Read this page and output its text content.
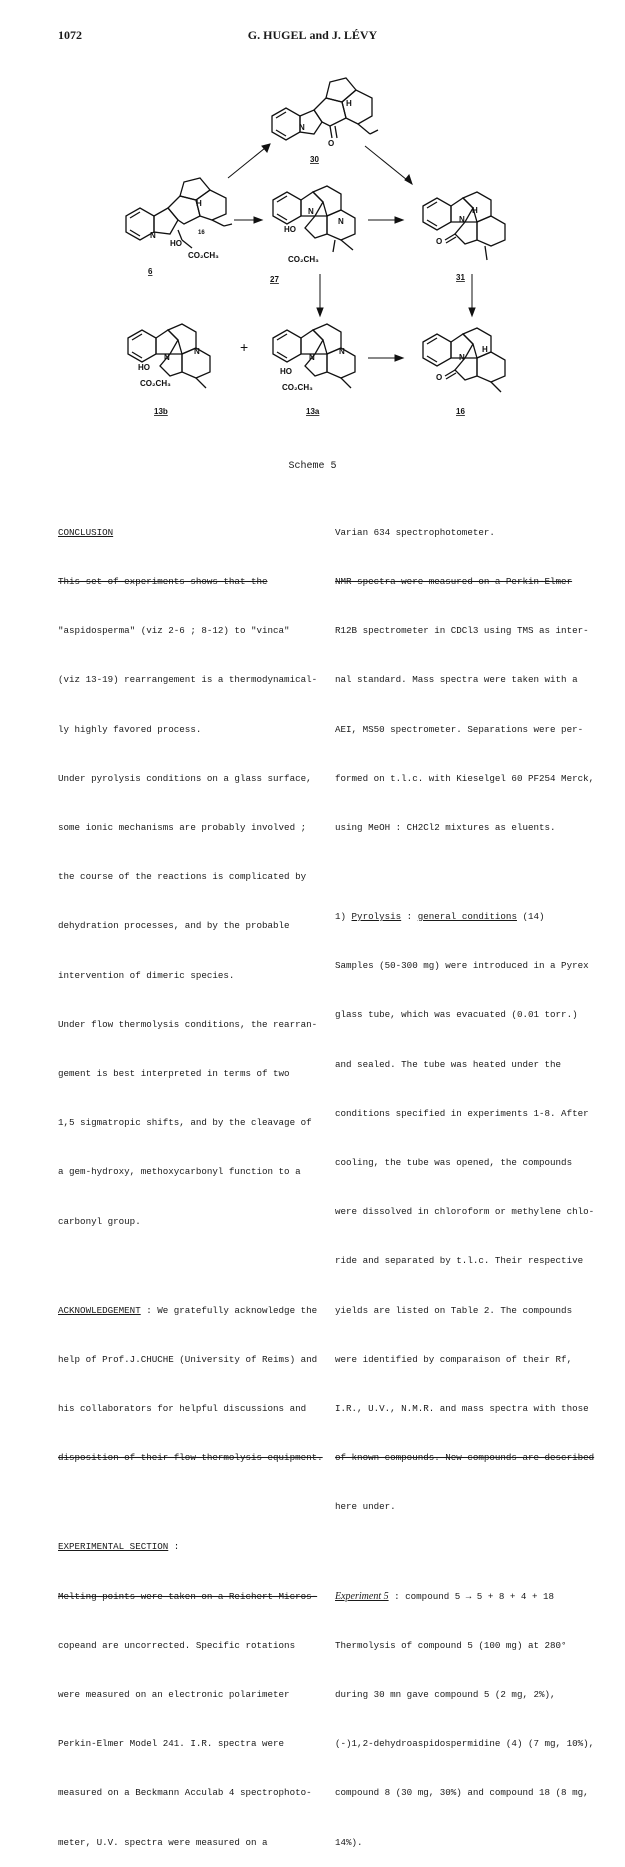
1072	G. HUGEL and J. LÉVY
N
H
O
N
H
HO
CO₂CH₃
16
N
N
HO
CO₂CH₃
N
H
O
N
N
HO
CO₂CH₃
+
N
N
HO
CO₂CH₃
N
H
O
30
6
27	31
13b	13a	16
Scheme 5

CONCLUSION

This set of experiments shows that the

"aspidosperma" (viz 2-6 ; 8-12) to "vinca"

(viz 13-19) rearrangement is a thermodynamical-

ly highly favored process.

Under pyrolysis conditions on a glass surface,

some ionic mechanisms are probably involved ;

the course of the reactions is complicated by

dehydration processes, and by the probable

intervention of dimeric species.

Under flow thermolysis conditions, the rearran-

gement is best interpreted in terms of two

1,5 sigmatropic shifts, and by the cleavage of

a gem-hydroxy, methoxycarbonyl function to a

carbonyl group.

ACKNOWLEDGEMENT : We gratefully acknowledge the

help of Prof.J.CHUCHE (University of Reims) and

his collaborators for helpful discussions and

disposition of their flow thermolysis equipment.

EXPERIMENTAL SECTION :

Melting points were taken on a Reichert Micros-

copeand are uncorrected. Specific rotations

were measured on an electronic polarimeter

Perkin-Elmer Model 241. I.R. spectra were

measured on a Beckmann Acculab 4 spectrophoto-

meter, U.V. spectra were measured on a

Varian 634 spectrophotometer.

NMR spectra were measured on a Perkin-Elmer

R12B spectrometer in CDCl3 using TMS as inter-

nal standard. Mass spectra were taken with a

AEI, MS50 spectrometer. Separations were per-

formed on t.l.c. with Kieselgel 60 PF254 Merck,

using MeOH : CH2Cl2 mixtures as eluents.

1) Pyrolysis : general conditions (14)

Samples (50-300 mg) were introduced in a Pyrex

glass tube, which was evacuated (0.01 torr.)

and sealed. The tube was heated under the

conditions specified in experiments 1-8. After

cooling, the tube was opened, the compounds

were dissolved in chloroform or methylene chlo-

ride and separated by t.l.c. Their respective

yields are listed on Table 2. The compounds

were identified by comparaison of their Rf,

I.R., U.V., N.M.R. and mass spectra with those

of known compounds. New compounds are described

here under.

Experiment 5 : compound 5 → 5 + 8 + 4 + 18

Thermolysis of compound 5 (100 mg) at 280°

during 30 mn gave compound 5 (2 mg, 2%),

(-)1,2-dehydroaspidospermidine (4) (7 mg, 10%),

compound 8 (30 mg, 30%) and compound 18 (8 mg,

14%).
